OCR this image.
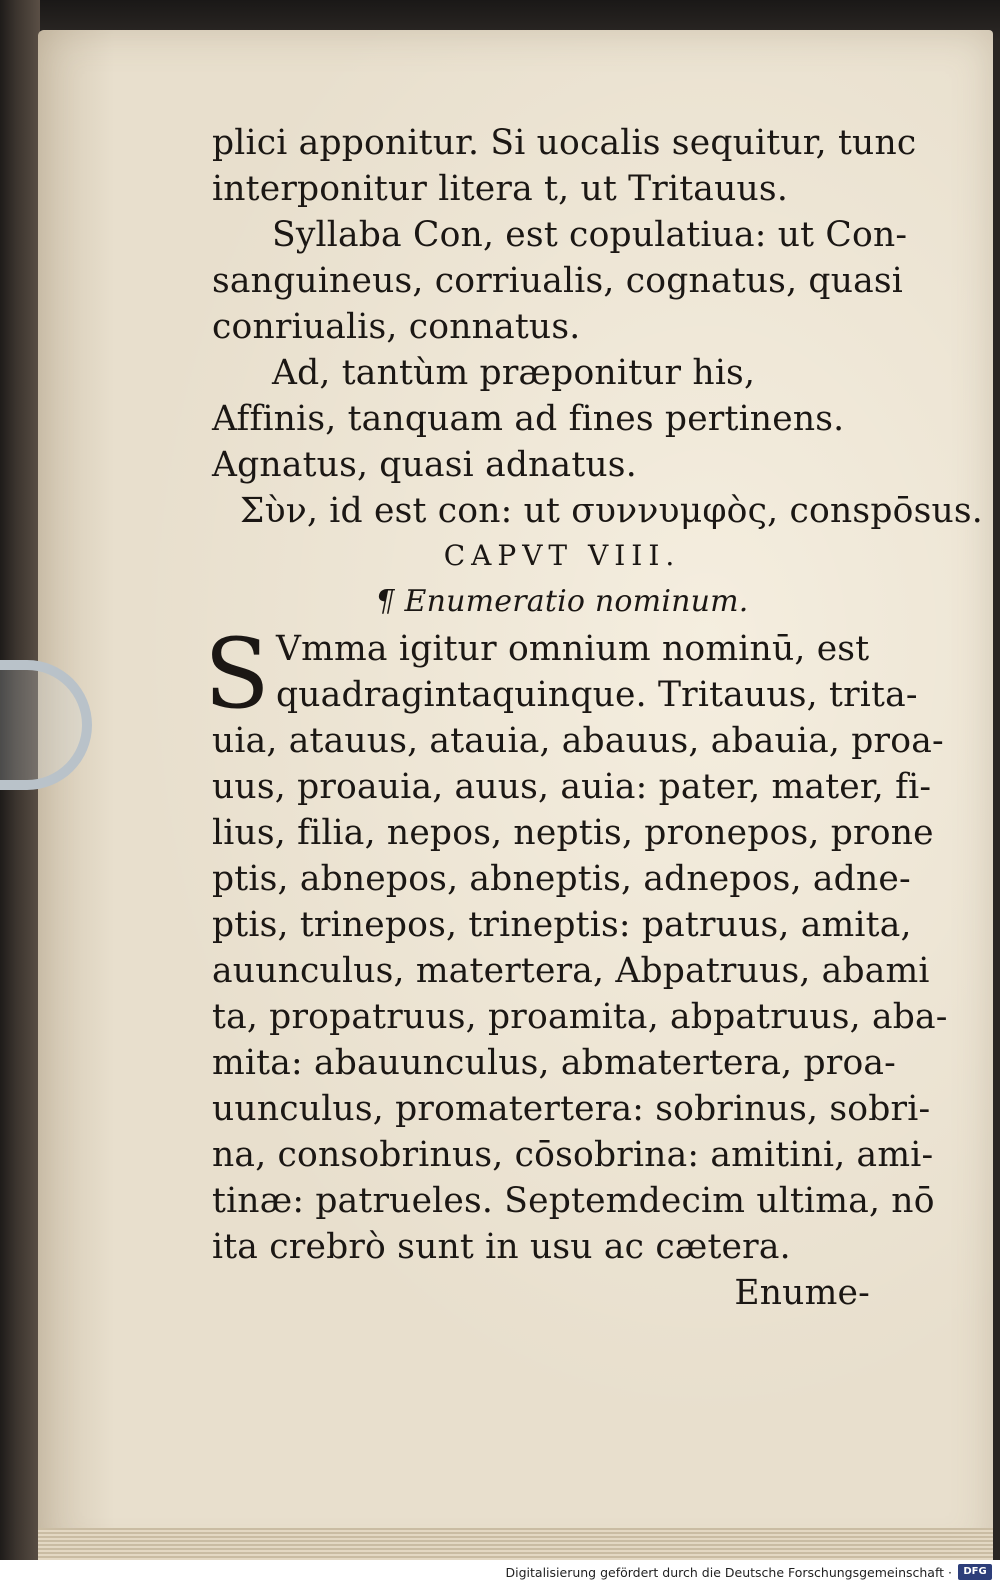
plici apponitur. Si uocalis sequitur, tunc
interponitur litera t, ut Tritauus.
Syllaba Con, est copulatiua: ut Con-
sanguineus, corriualis, cognatus, quasi
conriualis, connatus.
Ad, tantùm præponitur his,
Affinis, tanquam ad fines pertinens.
Agnatus, quasi adnatus.
Σὺν, id est con: ut συννυμφὸς, conspōsus.
CAPVT VIII.
¶ Enumeratio nominum.
S Vmma igitur omnium nominū, est
quadragintaquinque. Tritauus, trita-
uia, atauus, atauia, abauus, abauia, proa-
uus, proauia, auus, auia: pater, mater, fi-
lius, filia, nepos, neptis, pronepos, prone
ptis, abnepos, abneptis, adnepos, adne-
ptis, trinepos, trineptis: patruus, amita,
auunculus, matertera, Abpatruus, abami
ta, propatruus, proamita, abpatruus, aba-
mita: abauunculus, abmatertera, proa-
uunculus, promatertera: sobrinus, sobri-
na, consobrinus, cōsobrina: amitini, ami-
tinæ: patrueles. Septemdecim ultima, nō
ita crebrò sunt in usu ac cætera.
Enume-
Digitalisierung gefördert durch die Deutsche Forschungsgemeinschaft ·	DFG
